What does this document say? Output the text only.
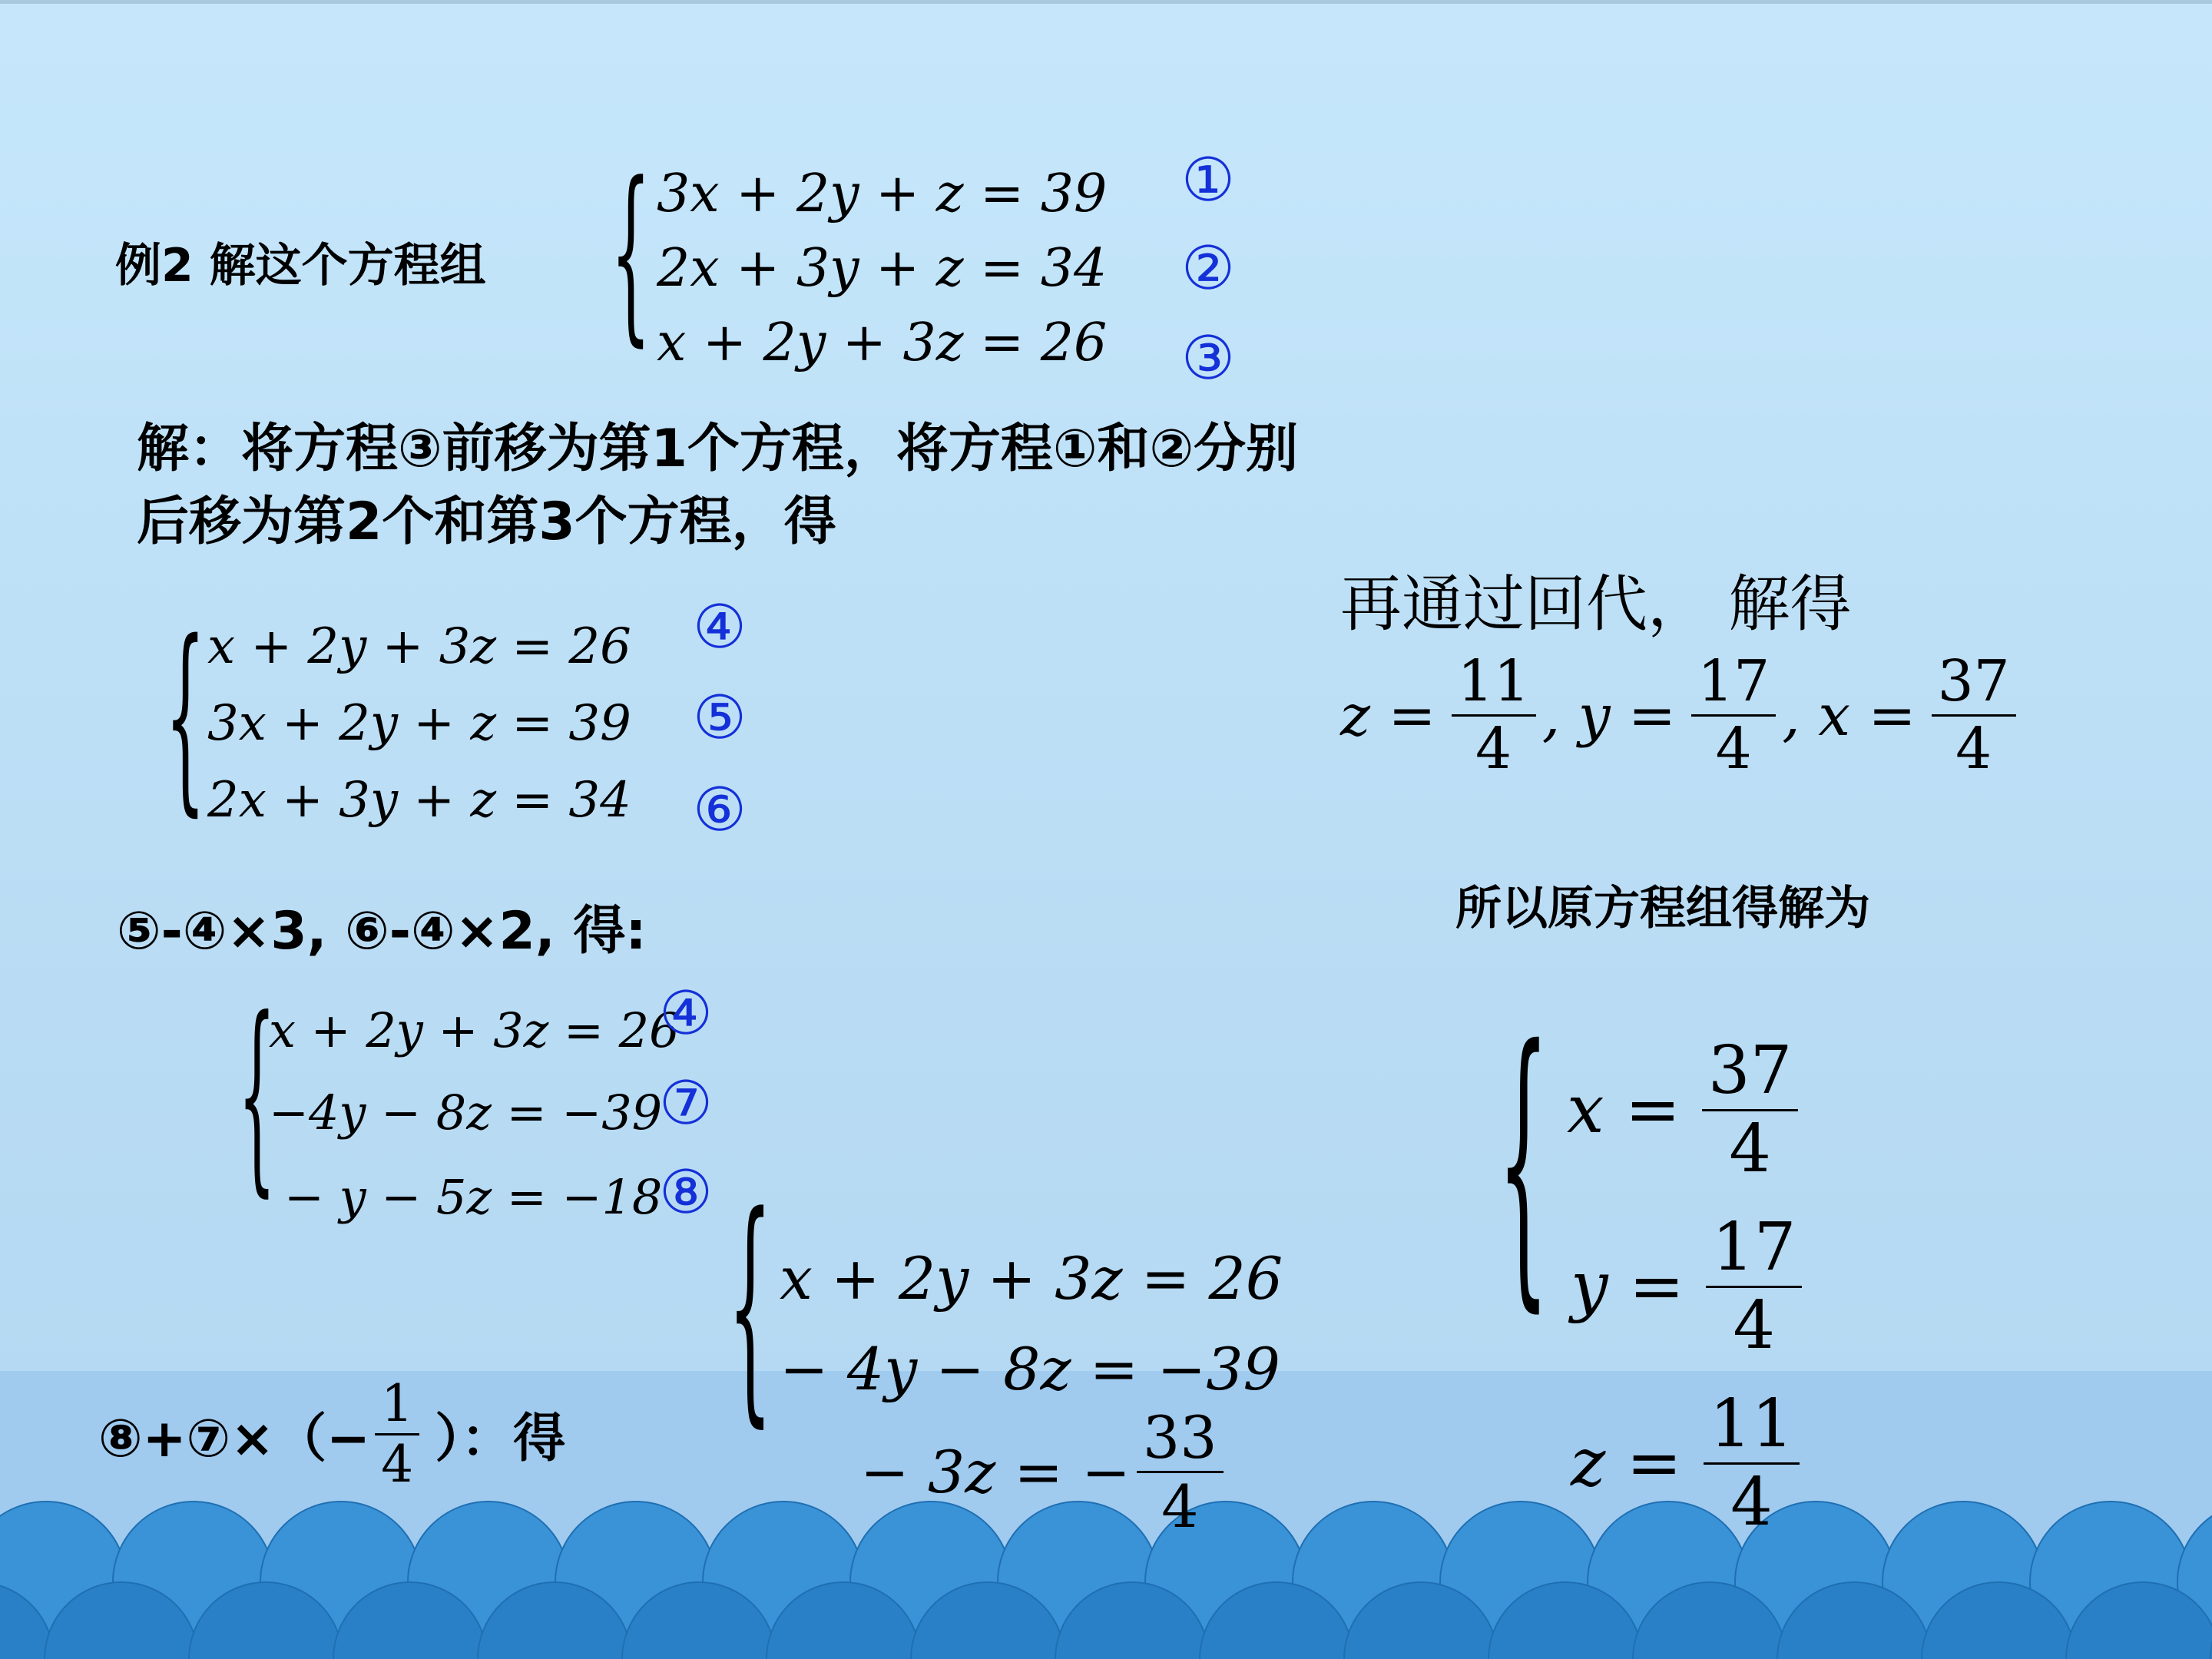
例2 解这个方程组 { 3x + 2y + z = 39
2x + 3y + z = 34
x + 2y + 3z = 26
①
②
③
解：将方程③前移为第1个方程，将方程①和②分别
后移为第2个和第3个方程，得
{ x + 2y + 3z = 26
3x + 2y + z = 39
2x + 3y + z = 34
④
⑤
⑥
⑤-④×3, ⑥-④×2, 得:
{
x + 2y + 3z = 26
−4y − 8z = −39
− y − 5z = −18
④
⑦
⑧
⑧+⑦×（− $\frac{1}{4}$ ）：得 { x + 2y + 3z = 26
− 4y − 8z = −39
− 3z = − $\frac{33}{4}$
再通过回代， 解得
$z = \frac{11}{4}$ , $y = \frac{17}{4}$ , $x = \frac{37}{4}$
所以原方程组得解为
{ $x = \frac{37}{4}$
$y = \frac{17}{4}$
$z = \frac{11}{4}$
